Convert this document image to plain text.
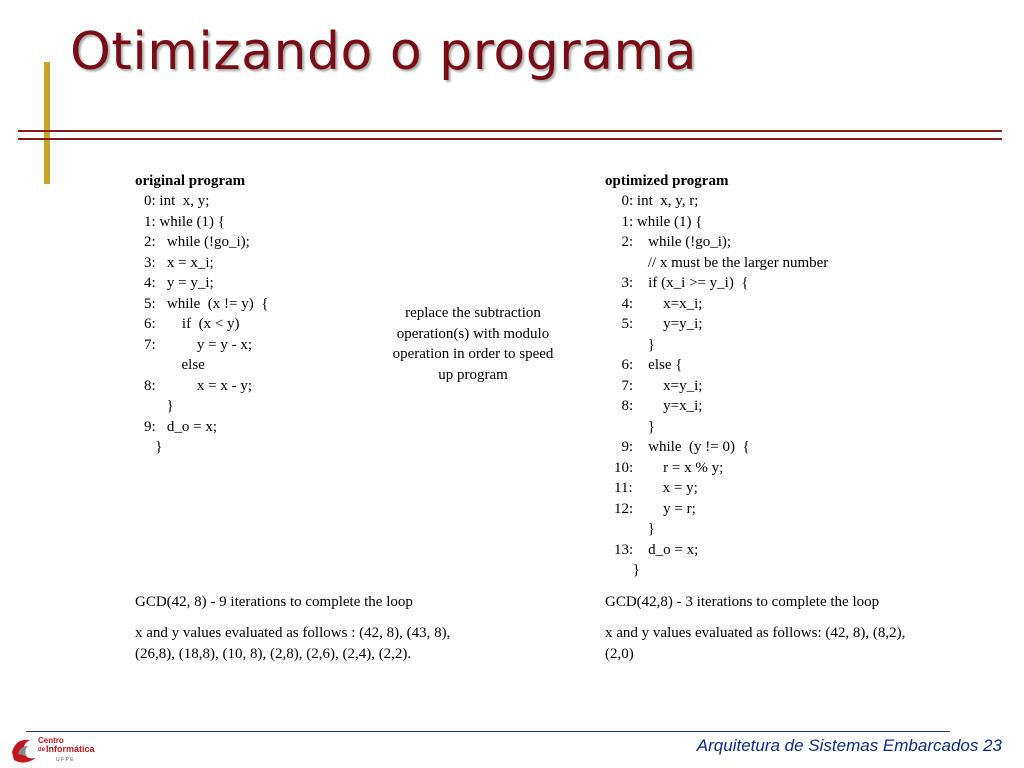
Otimizando o programa
original program
0: int  x, y;
1: while (1) {
2:   while (!go_i);
3:   x = x_i;
4:   y = y_i;
5:   while  (x != y)  {
6:       if  (x < y)
7:           y = y - x;
else
8:           x = x - y;
}
9:   d_o = x;
}
replace the subtraction
operation(s) with modulo
operation in order to speed
up program
optimized program
0: int  x, y, r;
1: while (1) {
2:    while (!go_i);
// x must be the larger number
3:    if (x_i >= y_i)  {
4:        x=x_i;
5:        y=y_i;
}
6:    else {
7:        x=y_i;
8:        y=x_i;
}
9:    while  (y != 0)  {
10:        r = x % y;
11:        x = y;
12:        y = r;
}
13:    d_o = x;
}
GCD(42, 8) - 9 iterations to complete the loop
x and y values evaluated as follows : (42, 8), (43, 8),
(26,8), (18,8), (10, 8), (2,8), (2,6), (2,4), (2,2).
GCD(42,8) - 3 iterations to complete the loop
x and y values evaluated as follows: (42, 8), (8,2),
(2,0)
Centro
de Informática
U F P E
Arquitetura de Sistemas Embarcados 23
